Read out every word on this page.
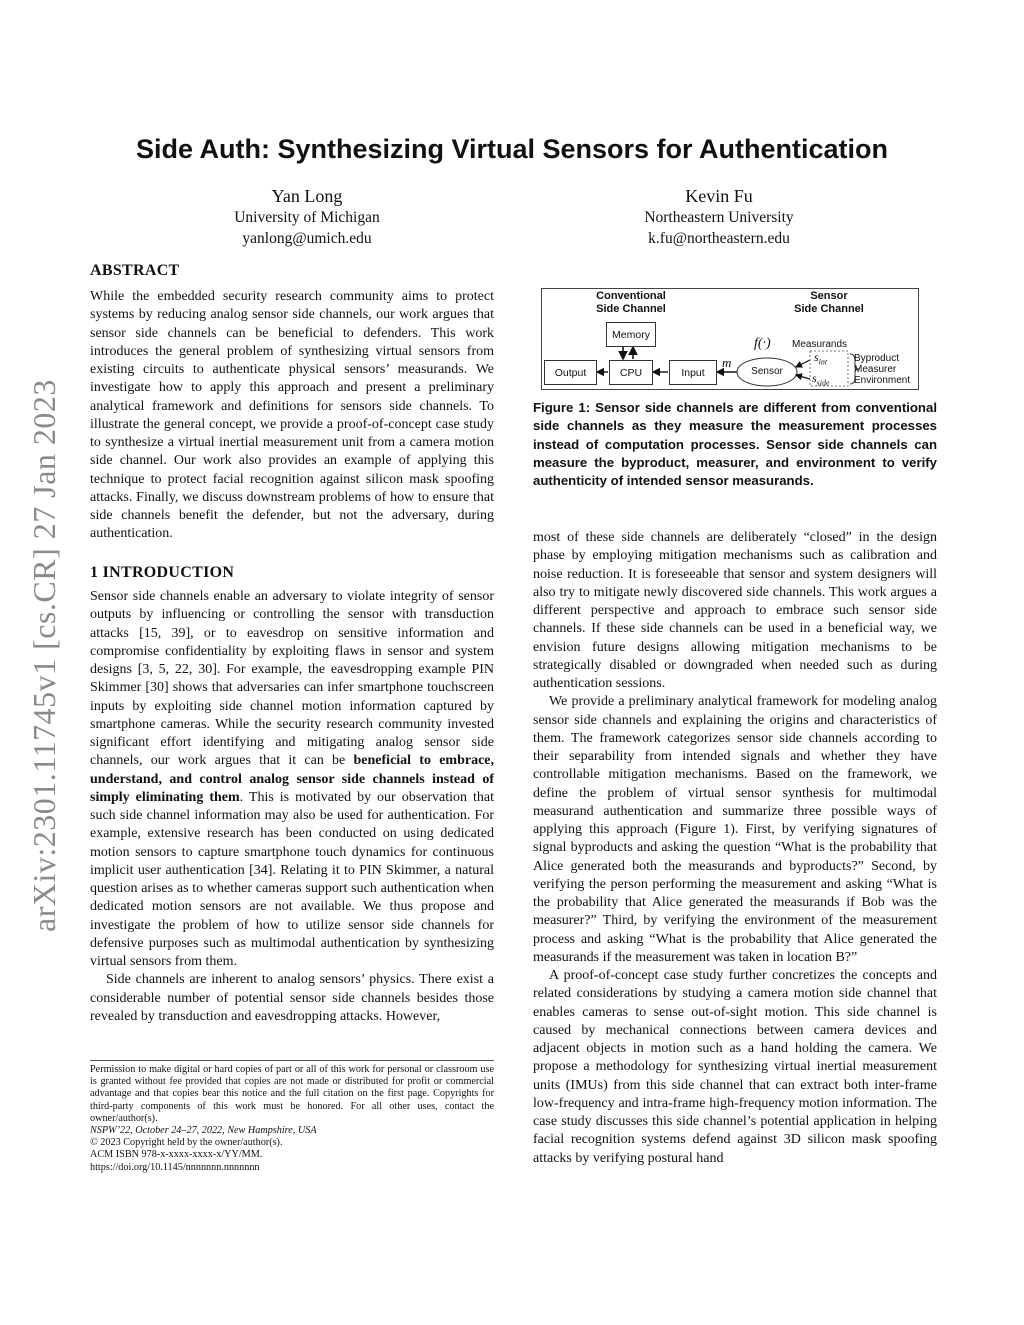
arXiv:2301.11745v1 [cs.CR] 27 Jan 2023
Side Auth: Synthesizing Virtual Sensors for Authentication
Yan Long
University of Michigan
yanlong@umich.edu
Kevin Fu
Northeastern University
k.fu@northeastern.edu
ABSTRACT

While the embedded security research community aims to protect systems by reducing analog sensor side channels, our work argues that sensor side channels can be beneficial to defenders. This work introduces the general problem of synthesizing virtual sensors from existing circuits to authenticate physical sensors’ measurands. We investigate how to apply this approach and present a preliminary analytical framework and definitions for sensors side channels. To illustrate the general concept, we provide a proof-of-concept case study to synthesize a virtual inertial measurement unit from a camera motion side channel. Our work also provides an example of applying this technique to protect facial recognition against silicon mask spoofing attacks. Finally, we discuss downstream problems of how to ensure that side channels benefit the defender, but not the adversary, during authentication.

1 INTRODUCTION

Sensor side channels enable an adversary to violate integrity of sensor outputs by influencing or controlling the sensor with transduction attacks [15, 39], or to eavesdrop on sensitive information and compromise confidentiality by exploiting flaws in sensor and system designs [3, 5, 22, 30]. For example, the eavesdropping example PIN Skimmer [30] shows that adversaries can infer smartphone touchscreen inputs by exploiting side channel motion information captured by smartphone cameras. While the security research community invested significant effort identifying and mitigating analog sensor side channels, our work argues that it can be beneficial to embrace, understand, and control analog sensor side channels instead of simply eliminating them. This is motivated by our observation that such side channel information may also be used for authentication. For example, extensive research has been conducted on using dedicated motion sensors to capture smartphone touch dynamics for continuous implicit user authentication [34]. Relating it to PIN Skimmer, a natural question arises as to whether cameras support such authentication when dedicated motion sensors are not available. We thus propose and investigate the problem of how to utilize sensor side channels for defensive purposes such as multimodal authentication by synthesizing virtual sensors from them.

Side channels are inherent to analog sensors’ physics. There exist a considerable number of potential sensor side channels besides those revealed by transduction and eavesdropping attacks. However,

Permission to make digital or hard copies of part or all of this work for personal or classroom use is granted without fee provided that copies are not made or distributed for profit or commercial advantage and that copies bear this notice and the full citation on the first page. Copyrights for third-party components of this work must be honored. For all other uses, contact the owner/author(s).

NSPW’22, October 24–27, 2022, New Hampshire, USA

© 2023 Copyright held by the owner/author(s).

ACM ISBN 978-x-xxxx-xxxx-x/YY/MM.

https://doi.org/10.1145/nnnnnnn.nnnnnnn

Conventional
Side Channel
Sensor
Side Channel
Memory
Output	CPU	Input	Sensor
f(·)
m
Measurands
$s_{int}$
$s_{side}$
Byproduct
Measurer
Environment
Figure 1: Sensor side channels are different from conventional side channels as they measure the measurement processes instead of computation processes. Sensor side channels can measure the byproduct, measurer, and environment to verify authenticity of intended sensor measurands.

most of these side channels are deliberately “closed” in the design phase by employing mitigation mechanisms such as calibration and noise reduction. It is foreseeable that sensor and system designers will also try to mitigate newly discovered side channels. This work argues a different perspective and approach to embrace such sensor side channels. If these side channels can be used in a beneficial way, we envision future designs allowing mitigation mechanisms to be strategically disabled or downgraded when needed such as during authentication sessions.

We provide a preliminary analytical framework for modeling analog sensor side channels and explaining the origins and characteristics of them. The framework categorizes sensor side channels according to their separability from intended signals and whether they have controllable mitigation mechanisms. Based on the framework, we define the problem of virtual sensor synthesis for multimodal measurand authentication and summarize three possible ways of applying this approach (Figure 1). First, by verifying signatures of signal byproducts and asking the question “What is the probability that Alice generated both the measurands and byproducts?” Second, by verifying the person performing the measurement and asking “What is the probability that Alice generated the measurands if Bob was the measurer?” Third, by verifying the environment of the measurement process and asking “What is the probability that Alice generated the measurands if the measurement was taken in location B?”

A proof-of-concept case study further concretizes the concepts and related considerations by studying a camera motion side channel that enables cameras to sense out-of-sight motion. This side channel is caused by mechanical connections between camera devices and adjacent objects in motion such as a hand holding the camera. We propose a methodology for synthesizing virtual inertial measurement units (IMUs) from this side channel that can extract both inter-frame low-frequency and intra-frame high-frequency motion information. The case study discusses this side channel’s potential application in helping facial recognition systems defend against 3D silicon mask spoofing attacks by verifying postural hand
